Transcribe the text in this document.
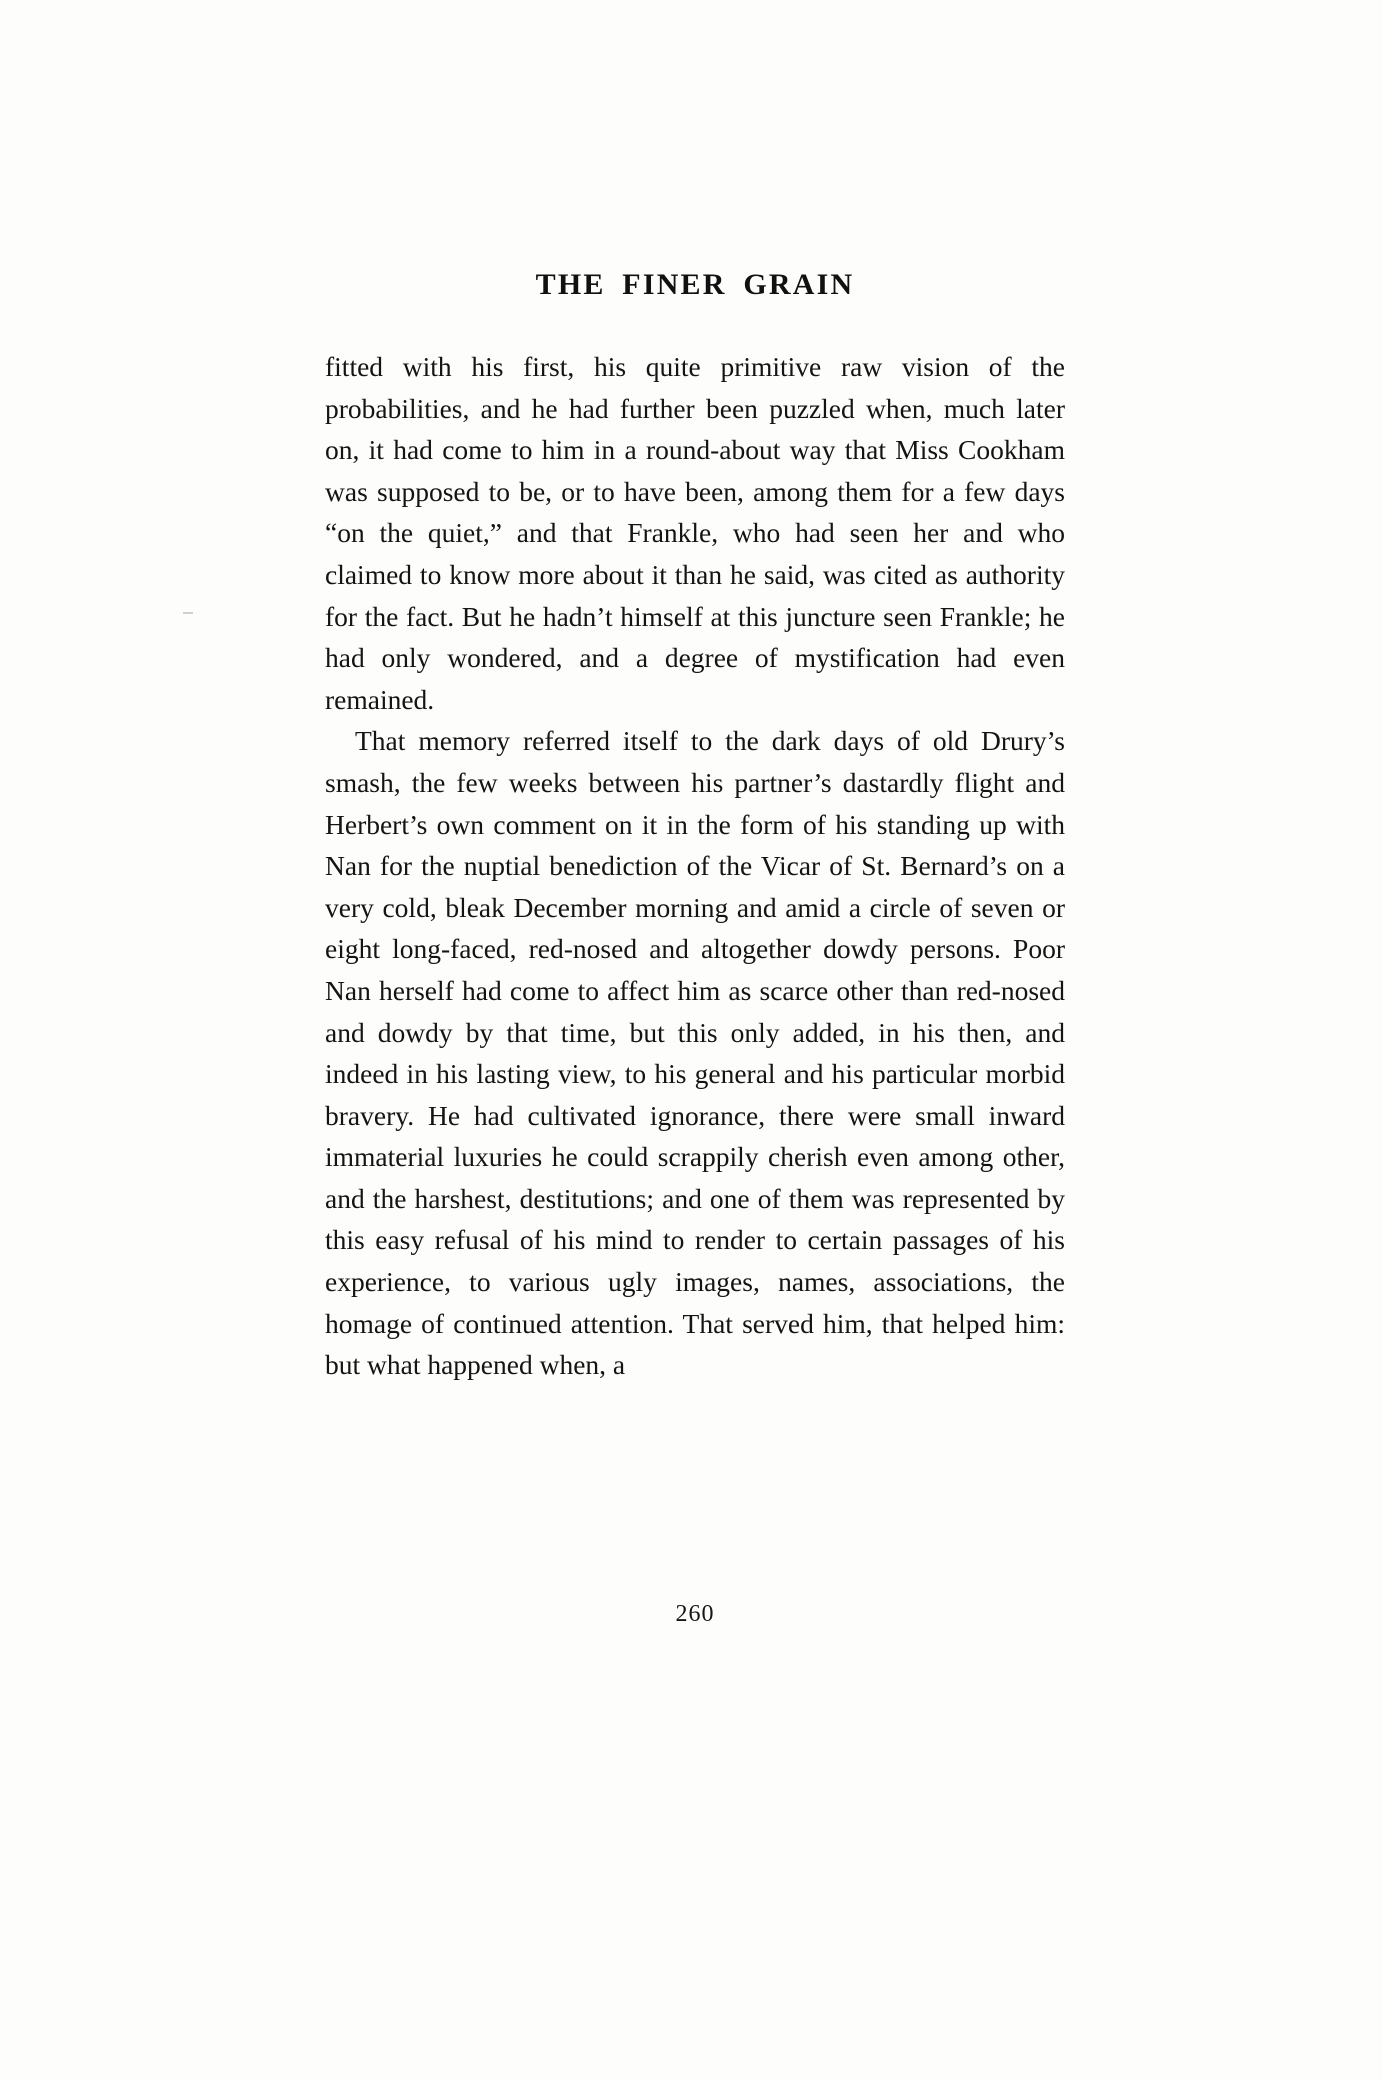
THE FINER GRAIN

fitted with his first, his quite primitive raw vision of the probabilities, and he had further been puzzled when, much later on, it had come to him in a round-about way that Miss Cookham was supposed to be, or to have been, among them for a few days “on the quiet,” and that Frankle, who had seen her and who claimed to know more about it than he said, was cited as authority for the fact. But he hadn’t himself at this juncture seen Frankle; he had only wondered, and a degree of mystification had even remained.

That memory referred itself to the dark days of old Drury’s smash, the few weeks between his partner’s dastardly flight and Herbert’s own comment on it in the form of his standing up with Nan for the nuptial benediction of the Vicar of St. Bernard’s on a very cold, bleak December morning and amid a circle of seven or eight long-faced, red-nosed and altogether dowdy persons. Poor Nan herself had come to affect him as scarce other than red-nosed and dowdy by that time, but this only added, in his then, and indeed in his lasting view, to his general and his particular morbid bravery. He had cultivated ignorance, there were small inward immaterial luxuries he could scrappily cherish even among other, and the harshest, destitutions; and one of them was represented by this easy refusal of his mind to render to certain passages of his experience, to various ugly images, names, associations, the homage of continued attention. That served him, that helped him: but what happened when, a

260
